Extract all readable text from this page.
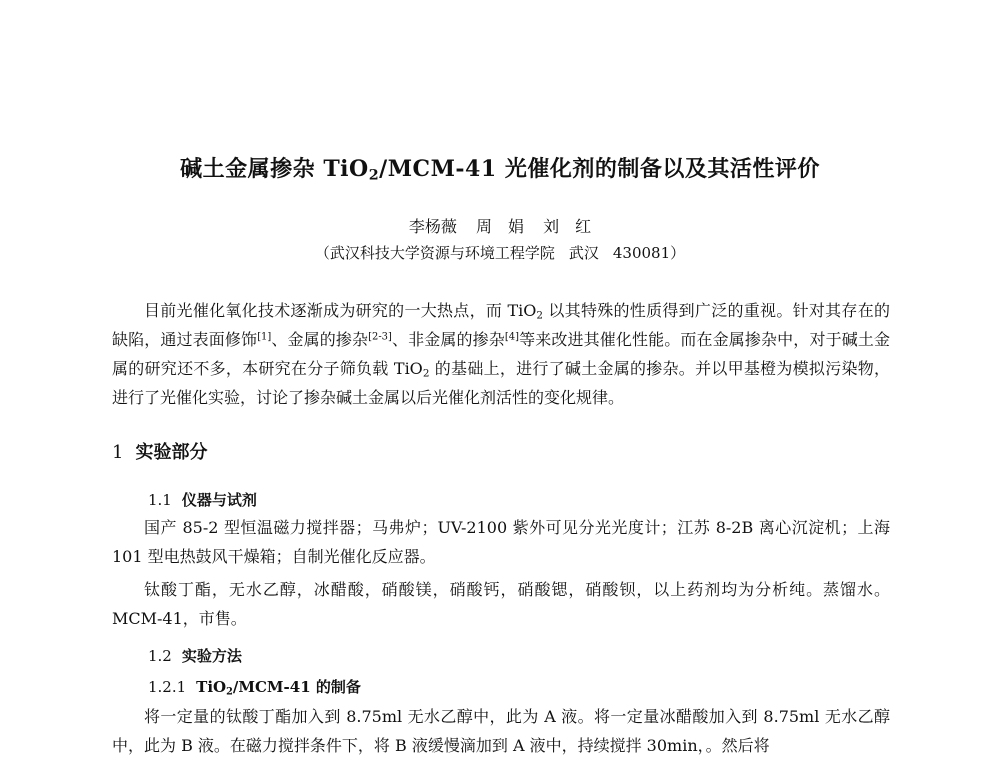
碱土金属掺杂 TiO$_2$/MCM-41 光催化剂的制备以及其活性评价
李杨薇 周　娟 刘　红
（武汉科技大学资源与环境工程学院 武汉 430081）

目前光催化氧化技术逐渐成为研究的一大热点，而 TiO$_2$ 以其特殊的性质得到广泛的重视。针对其存在的缺陷，通过表面修饰[1]、金属的掺杂[2-3]、非金属的掺杂[4]等来改进其催化性能。而在金属掺杂中，对于碱土金属的研究还不多，本研究在分子筛负载 TiO$_2$ 的基础上，进行了碱土金属的掺杂。并以甲基橙为模拟污染物，进行了光催化实验，讨论了掺杂碱土金属以后光催化剂活性的变化规律。

1 实验部分
1.1 仪器与试剂

国产 85-2 型恒温磁力搅拌器；马弗炉；UV-2100 紫外可见分光光度计；江苏 8-2B 离心沉淀机；上海 101 型电热鼓风干燥箱；自制光催化反应器。

钛酸丁酯，无水乙醇，冰醋酸，硝酸镁，硝酸钙，硝酸锶，硝酸钡，以上药剂均为分析纯。蒸馏水。MCM-41，市售。

1.2 实验方法
1.2.1 TiO$_2$/MCM-41 的制备

将一定量的钛酸丁酯加入到 8.75ml 无水乙醇中，此为 A 液。将一定量冰醋酸加入到 8.75ml 无水乙醇中，此为 B 液。在磁力搅拌条件下，将 B 液缓慢滴加到 A 液中，持续搅拌 30min，。然后将
